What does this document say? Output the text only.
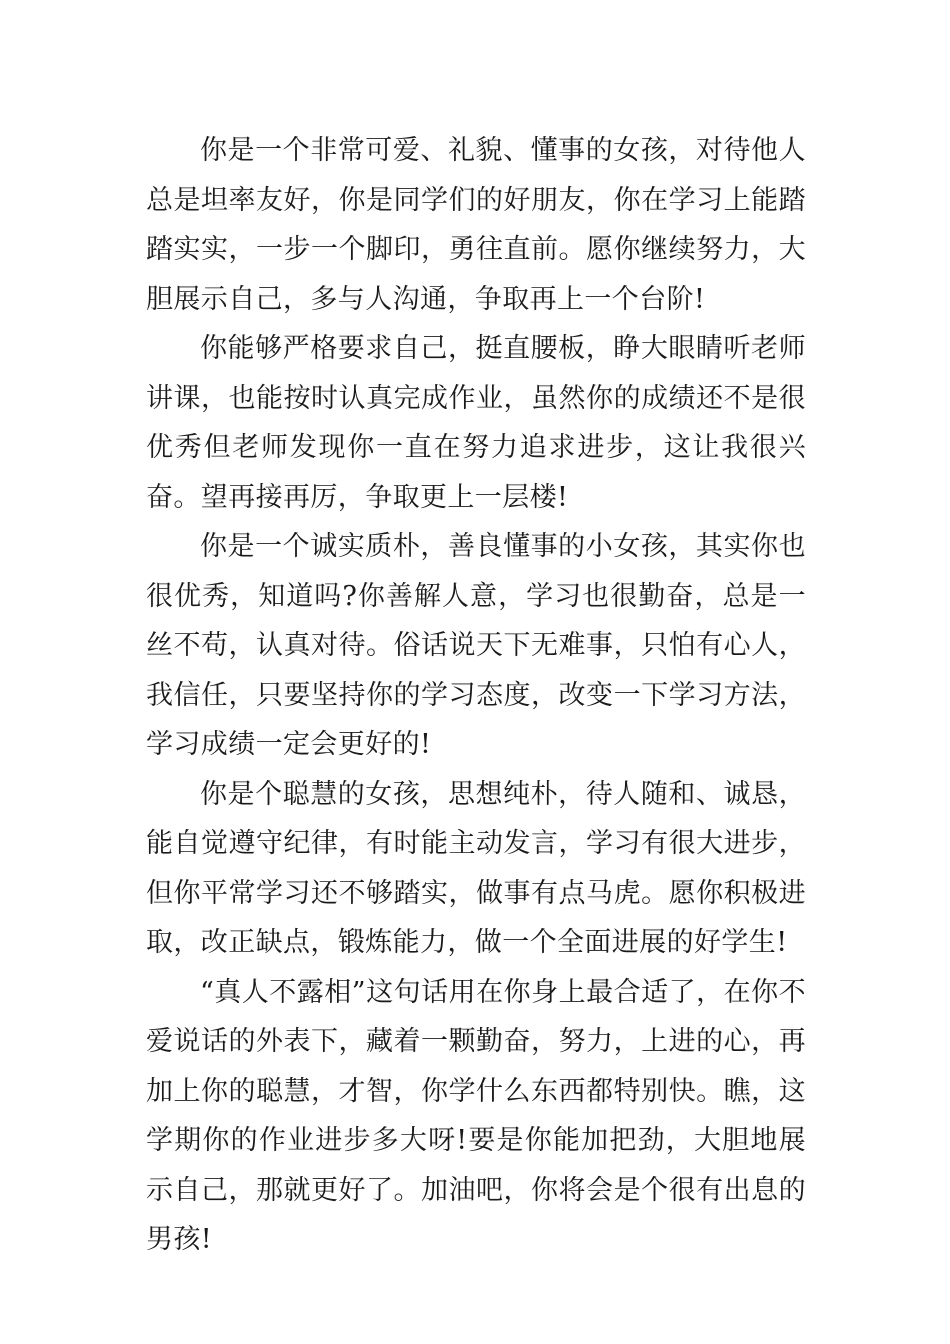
你是一个非常可爱、礼貌、懂事的女孩，对待他人总是坦率友好，你是同学们的好朋友，你在学习上能踏踏实实，一步一个脚印，勇往直前。愿你继续努力，大胆展示自己，多与人沟通，争取再上一个台阶!

你能够严格要求自己，挺直腰板，睁大眼睛听老师讲课，也能按时认真完成作业，虽然你的成绩还不是很优秀但老师发现你一直在努力追求进步，这让我很兴奋。望再接再厉，争取更上一层楼!

你是一个诚实质朴，善良懂事的小女孩，其实你也很优秀，知道吗?你善解人意，学习也很勤奋，总是一丝不苟，认真对待。俗话说天下无难事，只怕有心人，我信任，只要坚持你的学习态度，改变一下学习方法，学习成绩一定会更好的!

你是个聪慧的女孩，思想纯朴，待人随和、诚恳，能自觉遵守纪律，有时能主动发言，学习有很大进步，但你平常学习还不够踏实，做事有点马虎。愿你积极进取，改正缺点，锻炼能力，做一个全面进展的好学生!

“真人不露相”这句话用在你身上最合适了，在你不爱说话的外表下，藏着一颗勤奋，努力，上进的心，再加上你的聪慧，才智，你学什么东西都特别快。瞧，这学期你的作业进步多大呀!要是你能加把劲，大胆地展示自己，那就更好了。加油吧，你将会是个很有出息的男孩!
